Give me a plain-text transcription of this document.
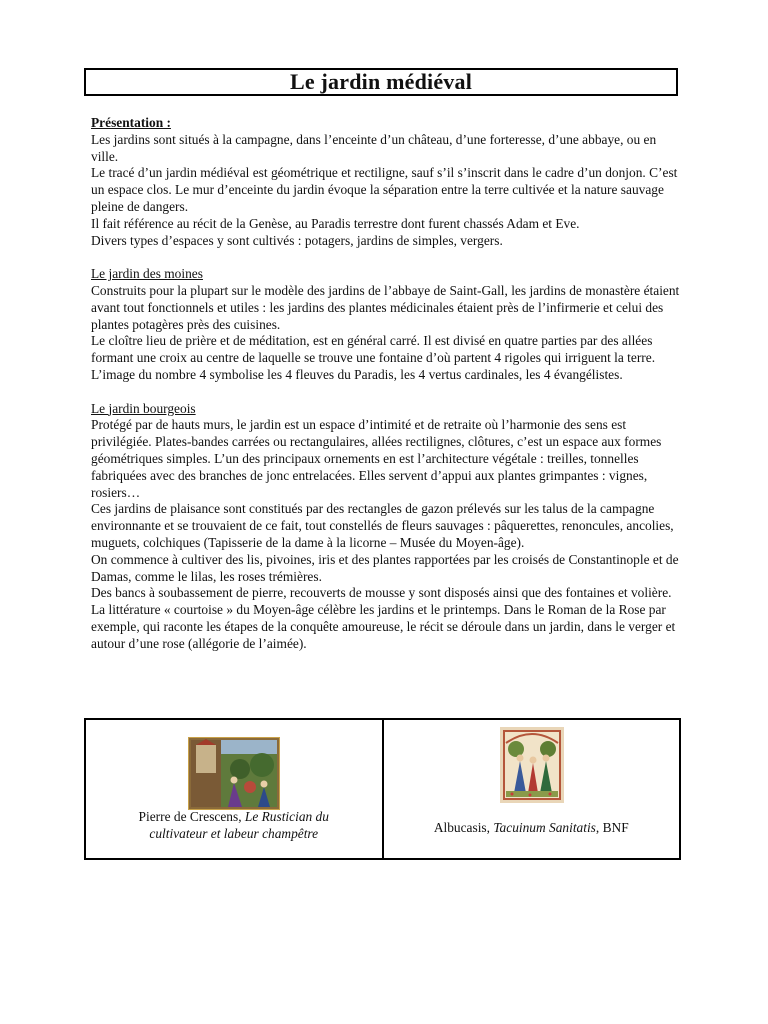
Le jardin médiéval

Présentation :

Les jardins sont situés à la campagne, dans l’enceinte d’un château, d’une forteresse, d’une abbaye, ou en ville.

Le tracé d’un jardin médiéval est géométrique et rectiligne, sauf s’il s’inscrit dans le cadre d’un donjon. C’est un espace clos. Le mur d’enceinte du jardin évoque la séparation entre la terre cultivée et la nature sauvage pleine de dangers.

Il fait référence au récit de la Genèse, au Paradis terrestre dont furent chassés Adam et Eve.

Divers types d’espaces y sont cultivés : potagers, jardins de simples, vergers.

Le jardin des moines

Construits pour la plupart sur le modèle des jardins de l’abbaye de Saint-Gall, les jardins de monastère étaient avant tout fonctionnels et utiles : les jardins des plantes médicinales étaient près de l’infirmerie et celui des plantes potagères près des cuisines.

Le cloître lieu de prière et de méditation, est en général carré. Il est divisé en quatre parties par des allées formant une croix au centre de laquelle se trouve une fontaine d’où partent 4 rigoles qui irriguent la terre. L’image du nombre 4 symbolise les 4 fleuves du Paradis, les 4 vertus cardinales, les 4 évangélistes.

Le jardin bourgeois

Protégé par de hauts murs, le jardin est un espace d’intimité et de retraite où l’harmonie des sens est privilégiée. Plates-bandes carrées ou rectangulaires, allées rectilignes, clôtures, c’est un espace aux formes géométriques simples. L’un des principaux ornements en est l’architecture végétale : treilles, tonnelles fabriquées avec des branches de jonc entrelacées. Elles servent d’appui aux plantes grimpantes : vignes, rosiers…

Ces jardins de plaisance sont constitués par des rectangles de gazon prélevés sur les talus de la campagne environnante et se trouvaient de ce fait, tout constellés de fleurs sauvages : pâquerettes, renoncules, ancolies, muguets, colchiques (Tapisserie de la dame à la licorne – Musée du Moyen-âge).

On commence à cultiver des lis, pivoines, iris et des plantes rapportées par les croisés de Constantinople et de Damas, comme le lilas, les roses trémières.

Des bancs à soubassement de pierre, recouverts de mousse y sont disposés ainsi que des fontaines et volière.

La littérature « courtoise » du Moyen-âge célèbre les jardins et le printemps. Dans le Roman de la Rose par exemple, qui raconte les étapes de la conquête amoureuse, le récit se déroule dans un jardin, dans le verger et autour d’une rose (allégorie de l’aimée).

Pierre de Crescens, Le Rustician du
cultivateur et labeur champêtre	Albucasis, Tacuinum Sanitatis, BNF
